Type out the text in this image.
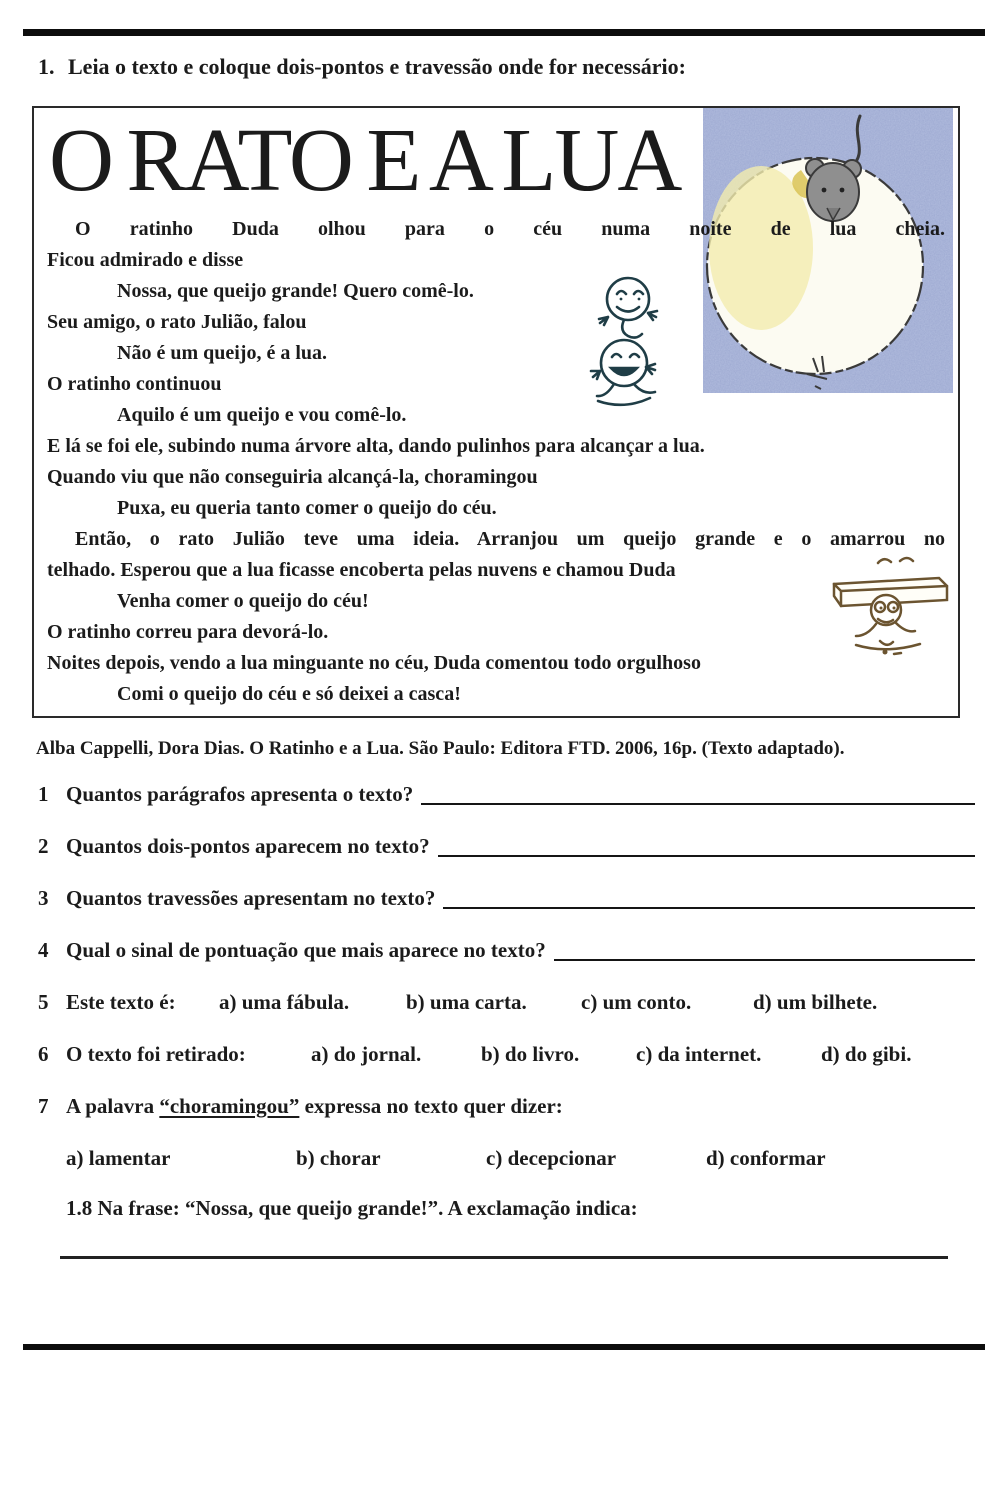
1. Leia o texto e coloque dois-pontos e travessão onde for necessário:
O RATO E A LUA

O ratinho Duda olhou para o céu numa noite de lua cheia.

Ficou admirado e disse

Nossa, que queijo grande! Quero comê-lo.

Seu amigo, o rato Julião, falou

Não é um queijo, é a lua.

O ratinho continuou

Aquilo é um queijo e vou comê-lo.

E lá se foi ele, subindo numa árvore alta, dando pulinhos para alcançar a lua.

Quando viu que não conseguiria alcançá-la, choramingou

Puxa, eu queria tanto comer o queijo do céu.

Então, o rato Julião teve uma ideia. Arranjou um queijo grande e o amarrou no

telhado. Esperou que a lua ficasse encoberta pelas nuvens e chamou Duda

Venha comer o queijo do céu!

O ratinho correu para devorá-lo.

Noites depois, vendo a lua minguante no céu, Duda comentou todo orgulhoso

Comi o queijo do céu e só deixei a casca!

Alba Cappelli, Dora Dias. O Ratinho e a Lua. São Paulo: Editora FTD. 2006, 16p. (Texto adaptado).

1 Quantos parágrafos apresenta o texto?
2 Quantos dois-pontos aparecem no texto?
3 Quantos travessões apresentam no texto?
4 Qual o sinal de pontuação que mais aparece no texto?
5 Este texto é:	a) uma fábula.	b) uma carta.	c) um conto.	d) um bilhete.
6 O texto foi retirado:	a) do jornal.	b) do livro.	c) da internet.	d) do gibi.
7 A palavra “choramingou” expressa no texto quer dizer:
a) lamentar	b) chorar	c) decepcionar	d) conformar
1.8 Na frase: “Nossa, que queijo grande!”. A exclamação indica:
